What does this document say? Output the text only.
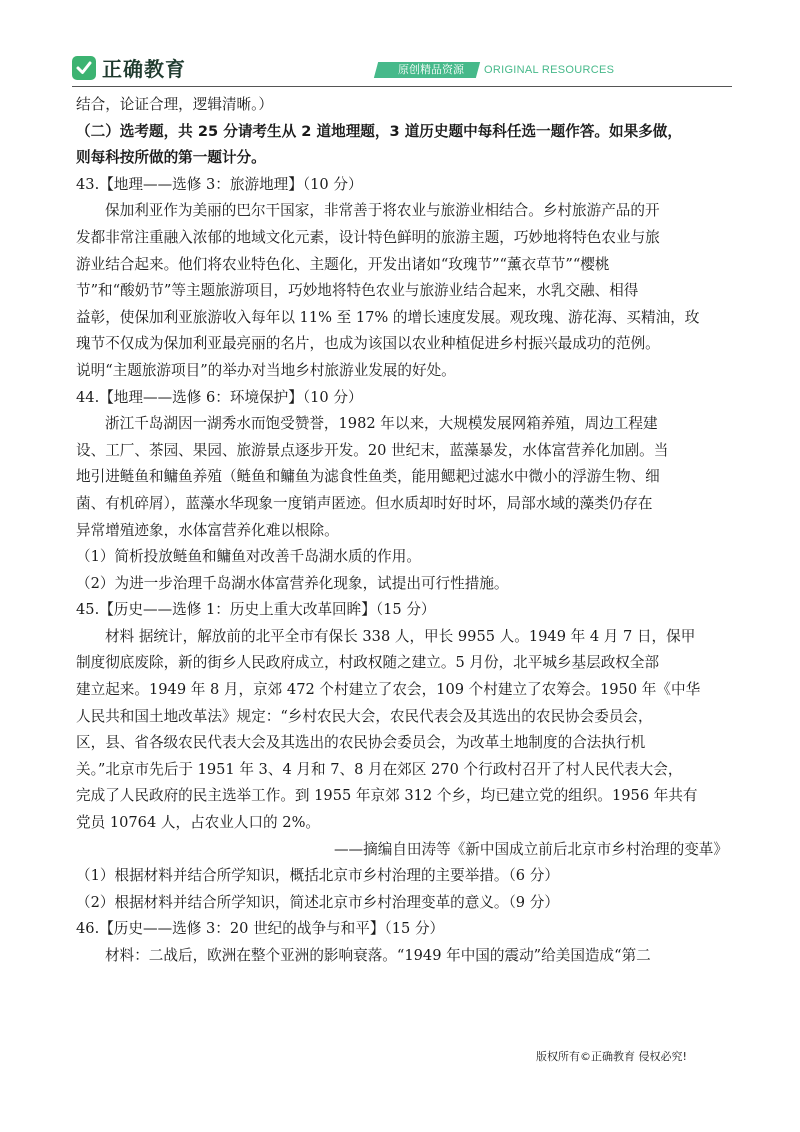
正确教育	原创精品资源	ORIGINAL RESOURCES
结合，论证合理，逻辑清晰。）
（二）选考题，共 25 分请考生从 2 道地理题，3 道历史题中每科任选一题作答。如果多做，
则每科按所做的第一题计分。
43.【地理——选修 3：旅游地理】（10 分）
保加利亚作为美丽的巴尔干国家，非常善于将农业与旅游业相结合。乡村旅游产品的开
发都非常注重融入浓郁的地域文化元素，设计特色鲜明的旅游主题，巧妙地将特色农业与旅
游业结合起来。他们将农业特色化、主题化，开发出诸如“玫瑰节”“薰衣草节”“樱桃
节”和“酸奶节”等主题旅游项目，巧妙地将特色农业与旅游业结合起来，水乳交融、相得
益彰，使保加利亚旅游收入每年以 11% 至 17% 的增长速度发展。观玫瑰、游花海、买精油，玫
瑰节不仅成为保加利亚最亮丽的名片，也成为该国以农业种植促进乡村振兴最成功的范例。
说明“主题旅游项目”的举办对当地乡村旅游业发展的好处。
44.【地理——选修 6：环境保护】（10 分）
浙江千岛湖因一湖秀水而饱受赞誉，1982 年以来，大规模发展网箱养殖，周边工程建
设、工厂、茶园、果园、旅游景点逐步开发。20 世纪末，蓝藻暴发，水体富营养化加剧。当
地引进鲢鱼和鳙鱼养殖（鲢鱼和鳙鱼为滤食性鱼类，能用鳃耙过滤水中微小的浮游生物、细
菌、有机碎屑），蓝藻水华现象一度销声匿迹。但水质却时好时坏，局部水域的藻类仍存在
异常增殖迹象，水体富营养化难以根除。
（1）简析投放鲢鱼和鳙鱼对改善千岛湖水质的作用。
（2）为进一步治理千岛湖水体富营养化现象，试提出可行性措施。
45.【历史——选修 1：历史上重大改革回眸】（15 分）
材料 据统计，解放前的北平全市有保长 338 人，甲长 9955 人。1949 年 4 月 7 日，保甲
制度彻底废除，新的街乡人民政府成立，村政权随之建立。5 月份，北平城乡基层政权全部
建立起来。1949 年 8 月，京郊 472 个村建立了农会，109 个村建立了农筹会。1950 年《中华
人民共和国土地改革法》规定：“乡村农民大会，农民代表会及其选出的农民协会委员会，
区，县、省各级农民代表大会及其选出的农民协会委员会，为改革土地制度的合法执行机
关。”北京市先后于 1951 年 3、4 月和 7、8 月在郊区 270 个行政村召开了村人民代表大会，
完成了人民政府的民主选举工作。到 1955 年京郊 312 个乡，均已建立党的组织。1956 年共有
党员 10764 人，占农业人口的 2%。
——摘编自田涛等《新中国成立前后北京市乡村治理的变革》
（1）根据材料并结合所学知识，概括北京市乡村治理的主要举措。（6 分）
（2）根据材料并结合所学知识，简述北京市乡村治理变革的意义。（9 分）
46.【历史——选修 3：20 世纪的战争与和平】（15 分）
材料：二战后，欧洲在整个亚洲的影响衰落。“1949 年中国的震动”给美国造成“第二
版权所有©正确教育 侵权必究!
